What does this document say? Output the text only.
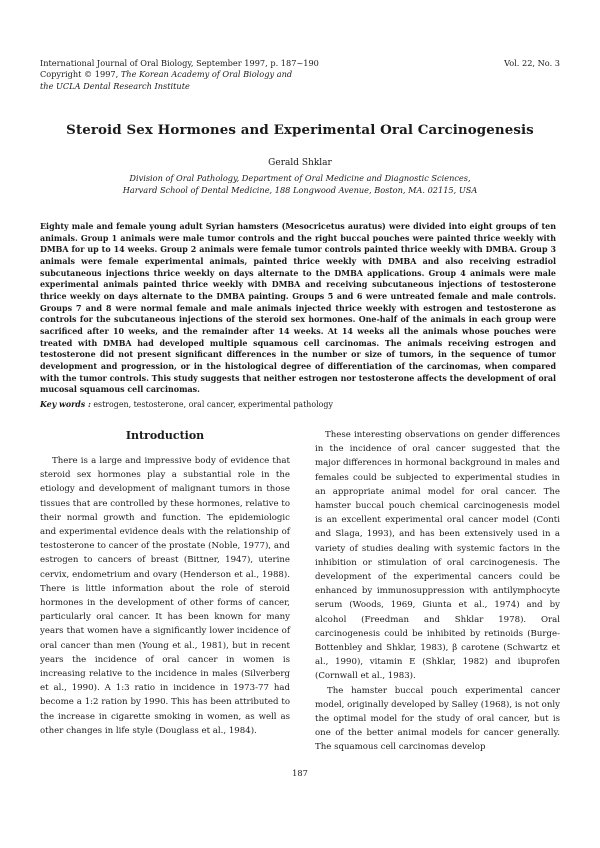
International Journal of Oral Biology, September 1997, p. 187~190
Copyright © 1997, The Korean Academy of Oral Biology and
the UCLA Dental Research Institute
Vol. 22, No. 3
Steroid Sex Hormones and Experimental Oral Carcinogenesis
Gerald Shklar
Division of Oral Pathology, Department of Oral Medicine and Diagnostic Sciences,
Harvard School of Dental Medicine, 188 Longwood Avenue, Boston, MA. 02115, USA
Eighty male and female young adult Syrian hamsters (Mesocricetus auratus) were divided into eight groups of ten animals. Group 1 animals were male tumor controls and the right buccal pouches were painted thrice weekly with DMBA for up to 14 weeks. Group 2 animals were female tumor controls painted thrice weekly with DMBA. Group 3 animals were female experimental animals, painted thrice weekly with DMBA and also receiving estradiol subcutaneous injections thrice weekly on days alternate to the DMBA applications. Group 4 animals were male experimental animals painted thrice weekly with DMBA and receiving subcutaneous injections of testosterone thrice weekly on days alternate to the DMBA painting. Groups 5 and 6 were untreated female and male controls. Groups 7 and 8 were normal female and male animals injected thrice weekly with estrogen and testosterone as controls for the subcutaneous injections of the steroid sex hormones. One-half of the animals in each group were sacrificed after 10 weeks, and the remainder after 14 weeks. At 14 weeks all the animals whose pouches were treated with DMBA had developed multiple squamous cell carcinomas. The animals receiving estrogen and testosterone did not present significant differences in the number or size of tumors, in the sequence of tumor development and progression, or in the histological degree of differentiation of the carcinomas, when compared with the tumor controls. This study suggests that neither estrogen nor testosterone affects the development of oral mucosal squamous cell carcinomas.
Key words : estrogen, testosterone, oral cancer, experimental pathology
Introduction

There is a large and impressive body of evidence that steroid sex hormones play a substantial role in the etiology and development of malignant tumors in those tissues that are controlled by these hormones, relative to their normal growth and function. The epidemiologic and experimental evidence deals with the relationship of testosterone to cancer of the prostate (Noble, 1977), and estrogen to cancers of breast (Bittner, 1947), uterine cervix, endometrium and ovary (Henderson et al., 1988). There is little information about the role of steroid hormones in the development of other forms of cancer, particularly oral cancer. It has been known for many years that women have a significantly lower incidence of oral cancer than men (Young et al., 1981), but in recent years the incidence of oral cancer in women is increasing relative to the incidence in males (Silverberg et al., 1990). A 1:3 ratio in incidence in 1973-77 had become a 1:2 ration by 1990. This has been attributed to the increase in cigarette smoking in women, as well as other changes in life style (Douglass et al., 1984).

These interesting observations on gender differences in the incidence of oral cancer suggested that the major differences in hormonal background in males and females could be subjected to experimental studies in an appropriate animal model for oral cancer. The hamster buccal pouch chemical carcinogenesis model is an excellent experimental oral cancer model (Conti and Slaga, 1993), and has been extensively used in a variety of studies dealing with systemic factors in the inhibition or stimulation of oral carcinogenesis. The development of the experimental cancers could be enhanced by immunosuppression with antilymphocyte serum (Woods, 1969, Giunta et al., 1974) and by alcohol (Freedman and Shklar 1978). Oral carcinogenesis could be inhibited by retinoids (Burge-Bottenbley and Shklar, 1983), β carotene (Schwartz et al., 1990), vitamin E (Shklar, 1982) and ibuprofen (Cornwall et al., 1983).

The hamster buccal pouch experimental cancer model, originally developed by Salley (1968), is not only the optimal model for the study of oral cancer, but is one of the better animal models for cancer generally. The squamous cell carcinomas develop

187
